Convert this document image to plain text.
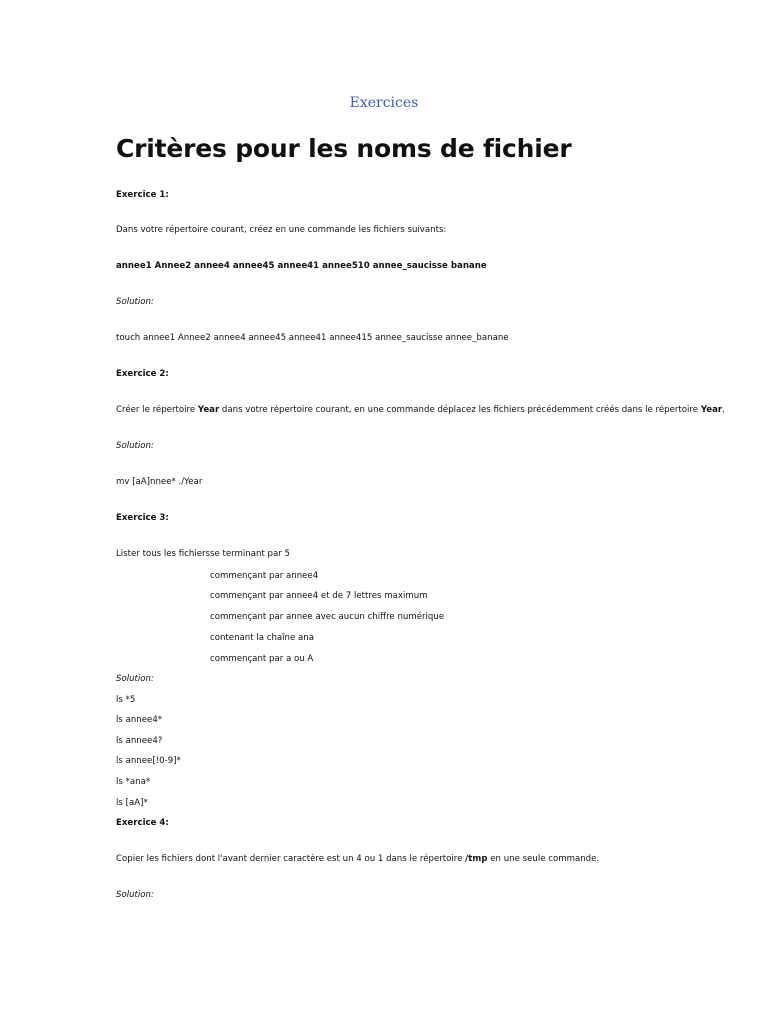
Exercices
Critères pour les noms de fichier
Exercice 1:
Dans votre répertoire courant, créez en une commande les fichiers suivants:
annee1 Annee2 annee4 annee45 annee41 annee510 annee_saucisse banane
Solution:
touch annee1 Annee2 annee4 annee45 annee41 annee415 annee_saucisse annee_banane
Exercice 2:
Créer le répertoire Year dans votre répertoire courant, en une commande déplacez les fichiers précédemment créés dans le répertoire Year.
Solution:
mv [aA]nnee* ./Year
Exercice 3:
Lister tous les fichiers se terminant par 5
commençant par annee4
commençant par annee4 et de 7 lettres maximum
commençant par annee avec aucun chiffre numérique
contenant la chaîne ana
commençant par a ou A
Solution:
ls *5
ls annee4*
ls annee4?
ls annee[!0-9]*
ls *ana*
ls [aA]*
Exercice 4:
Copier les fichiers dont l'avant dernier caractère est un 4 ou 1 dans le répertoire /tmp en une seule commande.
Solution:
